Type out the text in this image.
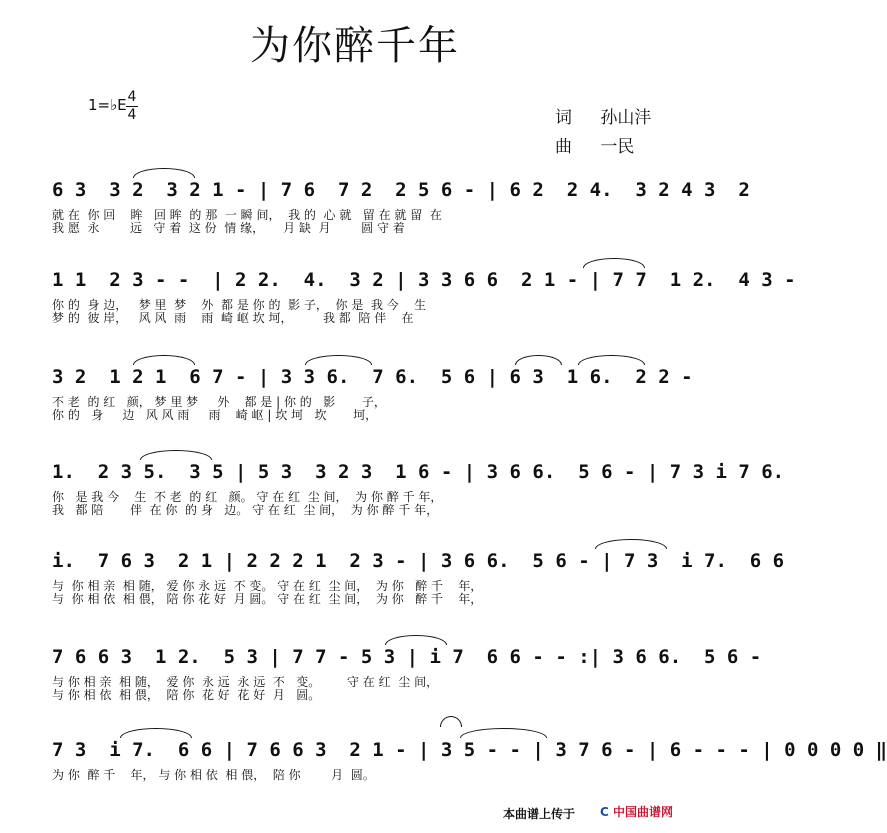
为你醉千年
1=♭E 4
4	词 孙山沣
曲 一民
6 3  3 2  3 2 1 - | 7 6  7 2  2 5 6 - | 6 2  2 4.  3 2 4 3  2
就 在  你 回    眸   回 眸  的 那  一 瞬 间，  我 的  心 就   留 在 就 留  在
我 愿  永        远   守 着  这 份  情 缘，     月 缺  月        圆 守 着
1 1  2 3 - -  | 2 2.  4.  3 2 | 3 3 6 6  2 1 - | 7 7  1 2.  4 3 -
你 的  身 边，   梦 里  梦    外  都 是 你 的  影 子，  你 是  我 今    生
梦 的  彼 岸，   风 风  雨    雨  崎 岖 坎 坷，        我 都  陪 伴    在
3 2  1 2 1  6 7 - | 3 3 6.  7 6.  5 6 | 6 3  1 6.  2 2 -
不 老  的 红   颜， 梦 里 梦     外    都 是 | 你 的   影       子，
你 的   身     边   风 风 雨     雨    崎 岖 | 坎 坷   坎       坷，
1.  2 3 5.  3 5 | 5 3  3 2 3  1 6 - | 3 6 6.  5 6 - | 7 3 i 7 6.
你   是 我 今    生  不 老  的 红   颜。 守 在 红  尘 间，  为 你 醉 千 年，
我   都 陪       伴  在 你  的 身   边。 守 在 红  尘 间，  为 你 醉 千 年，
i.  7 6 3  2 1 | 2 2 2 1  2 3 - | 3 6 6.  5 6 - | 7 3  i 7.  6 6
与  你 相 亲  相 随， 爱 你 永 远  不 变。 守 在 红  尘 间，  为 你   醉 千    年，
与  你 相 依  相 偎， 陪 你 花 好  月 圆。 守 在 红  尘 间，  为 你   醉 千    年，
7 6 6 3  1 2.  5 3 | 7 7 - 5 3 | i 7  6 6 - - :| 3 6 6.  5 6 -
与 你 相 亲  相 随，  爱 你  永 远  永 远  不   变。       守 在 红  尘 间，
与 你 相 依  相 偎，  陪 你  花 好  花 好  月   圆。
7 3  i 7.  6 6 | 7 6 6 3  2 1 - | 3 5 - - | 3 7 6 - | 6 - - - | 0 0 0 0 ‖
为 你  醉 千    年， 与 你 相 依  相 偎，  陪 你        月  圆。
本曲谱上传于 C 中国曲谱网
